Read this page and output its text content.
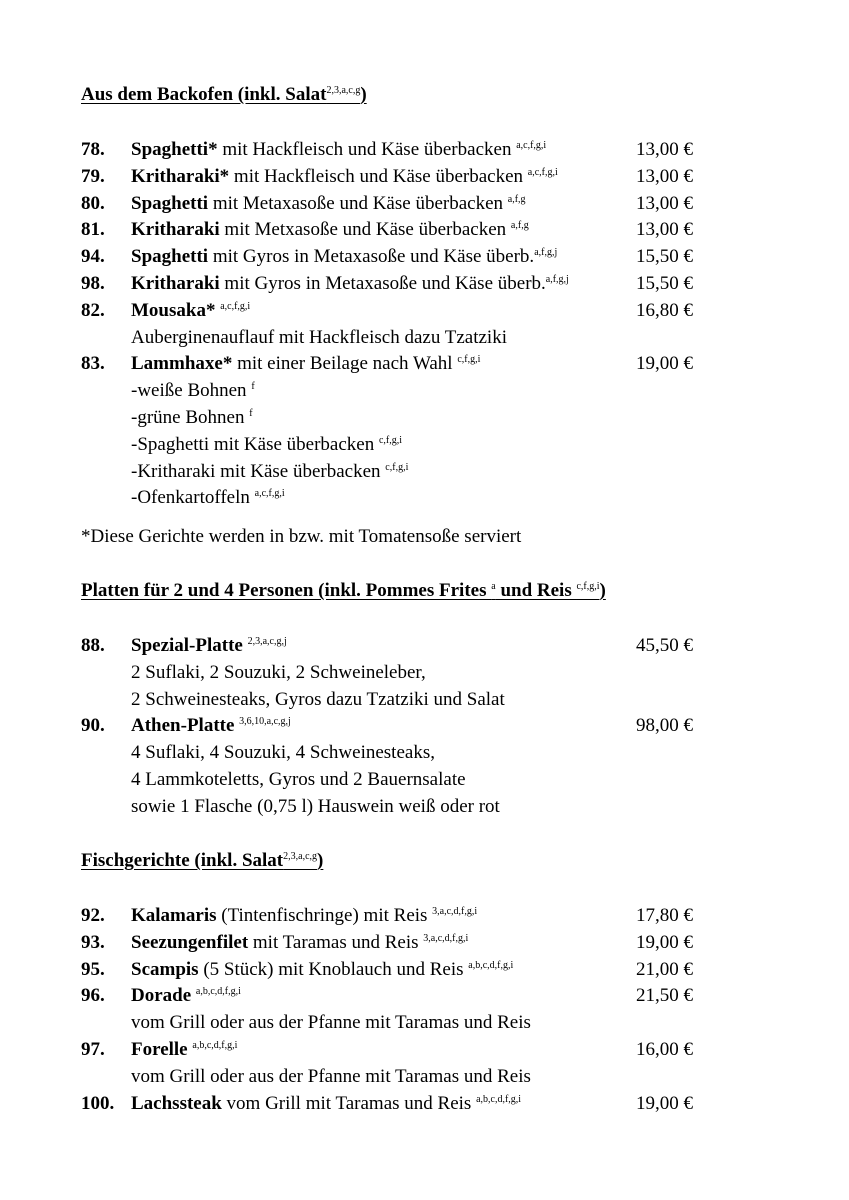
Aus dem Backofen (inkl. Salat$^{2,3,a,c,g}$)
78. Spaghetti* mit Hackfleisch und Käse überbacken $^{a,c,f,g,i}$	13,00 €
79. Kritharaki* mit Hackfleisch und Käse überbacken $^{a,c,f,g,i}$	13,00 €
80. Spaghetti mit Metaxasoße und Käse überbacken $^{a,f,g}$	13,00 €
81. Kritharaki mit Metxasoße und Käse überbacken $^{a,f,g}$	13,00 €
94. Spaghetti mit Gyros in Metaxasoße und Käse überb.$^{a,f,g,j}$	15,50 €
98. Kritharaki mit Gyros in Metaxasoße und Käse überb.$^{a,f,g,j}$	15,50 €
82. Mousaka* $^{a,c,f,g,i}$	16,80 €
Auberginenauflauf mit Hackfleisch dazu Tzatziki
83. Lammhaxe* mit einer Beilage nach Wahl $^{c,f,g,i}$	19,00 €
-weiße Bohnen $^f$
-grüne Bohnen $^f$
-Spaghetti mit Käse überbacken $^{c,f,g,i}$
-Kritharaki mit Käse überbacken $^{c,f,g,i}$
-Ofenkartoffeln $^{a,c,f,g,i}$
*Diese Gerichte werden in bzw. mit Tomatensoße serviert
Platten für 2 und 4 Personen (inkl. Pommes Frites $^a$ und Reis $^{c,f,g,i}$)
88. Spezial-Platte $^{2,3,a,c,g,j}$	45,50 €
2 Suflaki, 2 Souzuki, 2 Schweineleber,
2 Schweinesteaks, Gyros dazu Tzatziki und Salat
90. Athen-Platte $^{3,6,10,a,c,g,j}$	98,00 €
4 Suflaki, 4 Souzuki, 4 Schweinesteaks,
4 Lammkoteletts, Gyros und 2 Bauernsalate
sowie 1 Flasche (0,75 l) Hauswein weiß oder rot
Fischgerichte (inkl. Salat$^{2,3,a,c,g}$)
92. Kalamaris (Tintenfischringe) mit Reis $^{3,a,c,d,f,g,i}$	17,80 €
93. Seezungenfilet mit Taramas und Reis $^{3,a,c,d,f,g,i}$	19,00 €
95. Scampis (5 Stück) mit Knoblauch und Reis $^{a,b,c,d,f,g,i}$	21,00 €
96. Dorade $^{a,b,c,d,f,g,i}$	21,50 €
vom Grill oder aus der Pfanne mit Taramas und Reis
97. Forelle $^{a,b,c,d,f,g,i}$	16,00 €
vom Grill oder aus der Pfanne mit Taramas und Reis
100. Lachssteak vom Grill mit Taramas und Reis $^{a,b,c,d,f,g,i}$	19,00 €
